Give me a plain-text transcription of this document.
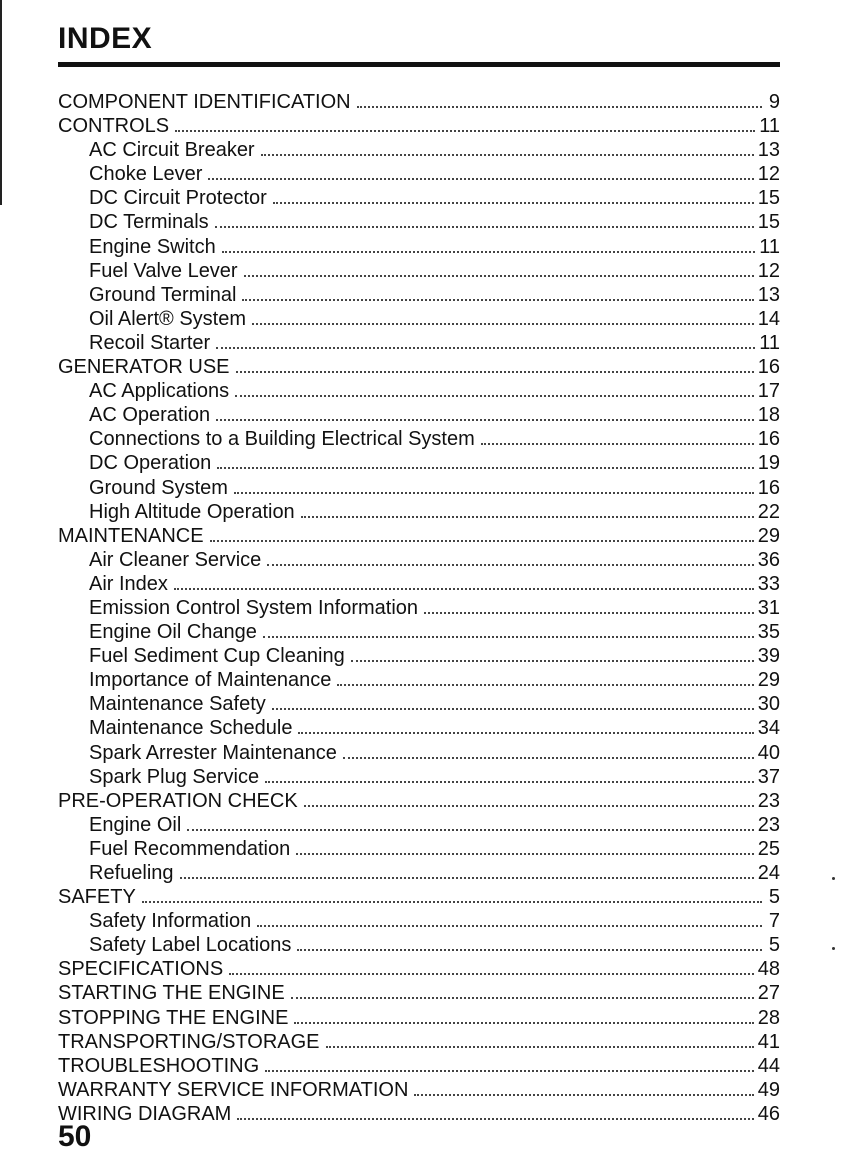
INDEX
COMPONENT IDENTIFICATION	9
CONTROLS	11
AC Circuit Breaker	13
Choke Lever	12
DC Circuit Protector	15
DC Terminals	15
Engine Switch	11
Fuel Valve Lever	12
Ground Terminal	13
Oil Alert® System	14
Recoil Starter	11
GENERATOR USE	16
AC Applications	17
AC Operation	18
Connections to a Building Electrical System	16
DC Operation	19
Ground System	16
High Altitude Operation	22
MAINTENANCE	29
Air Cleaner Service	36
Air Index	33
Emission Control System Information	31
Engine Oil Change	35
Fuel Sediment Cup Cleaning	39
Importance of Maintenance	29
Maintenance Safety	30
Maintenance Schedule	34
Spark Arrester Maintenance	40
Spark Plug Service	37
PRE-OPERATION CHECK	23
Engine Oil	23
Fuel Recommendation	25
Refueling	24
SAFETY	5
Safety Information	7
Safety Label Locations	5
SPECIFICATIONS	48
STARTING THE ENGINE	27
STOPPING THE ENGINE	28
TRANSPORTING/STORAGE	41
TROUBLESHOOTING	44
WARRANTY SERVICE INFORMATION	49
WIRING DIAGRAM	46

50
